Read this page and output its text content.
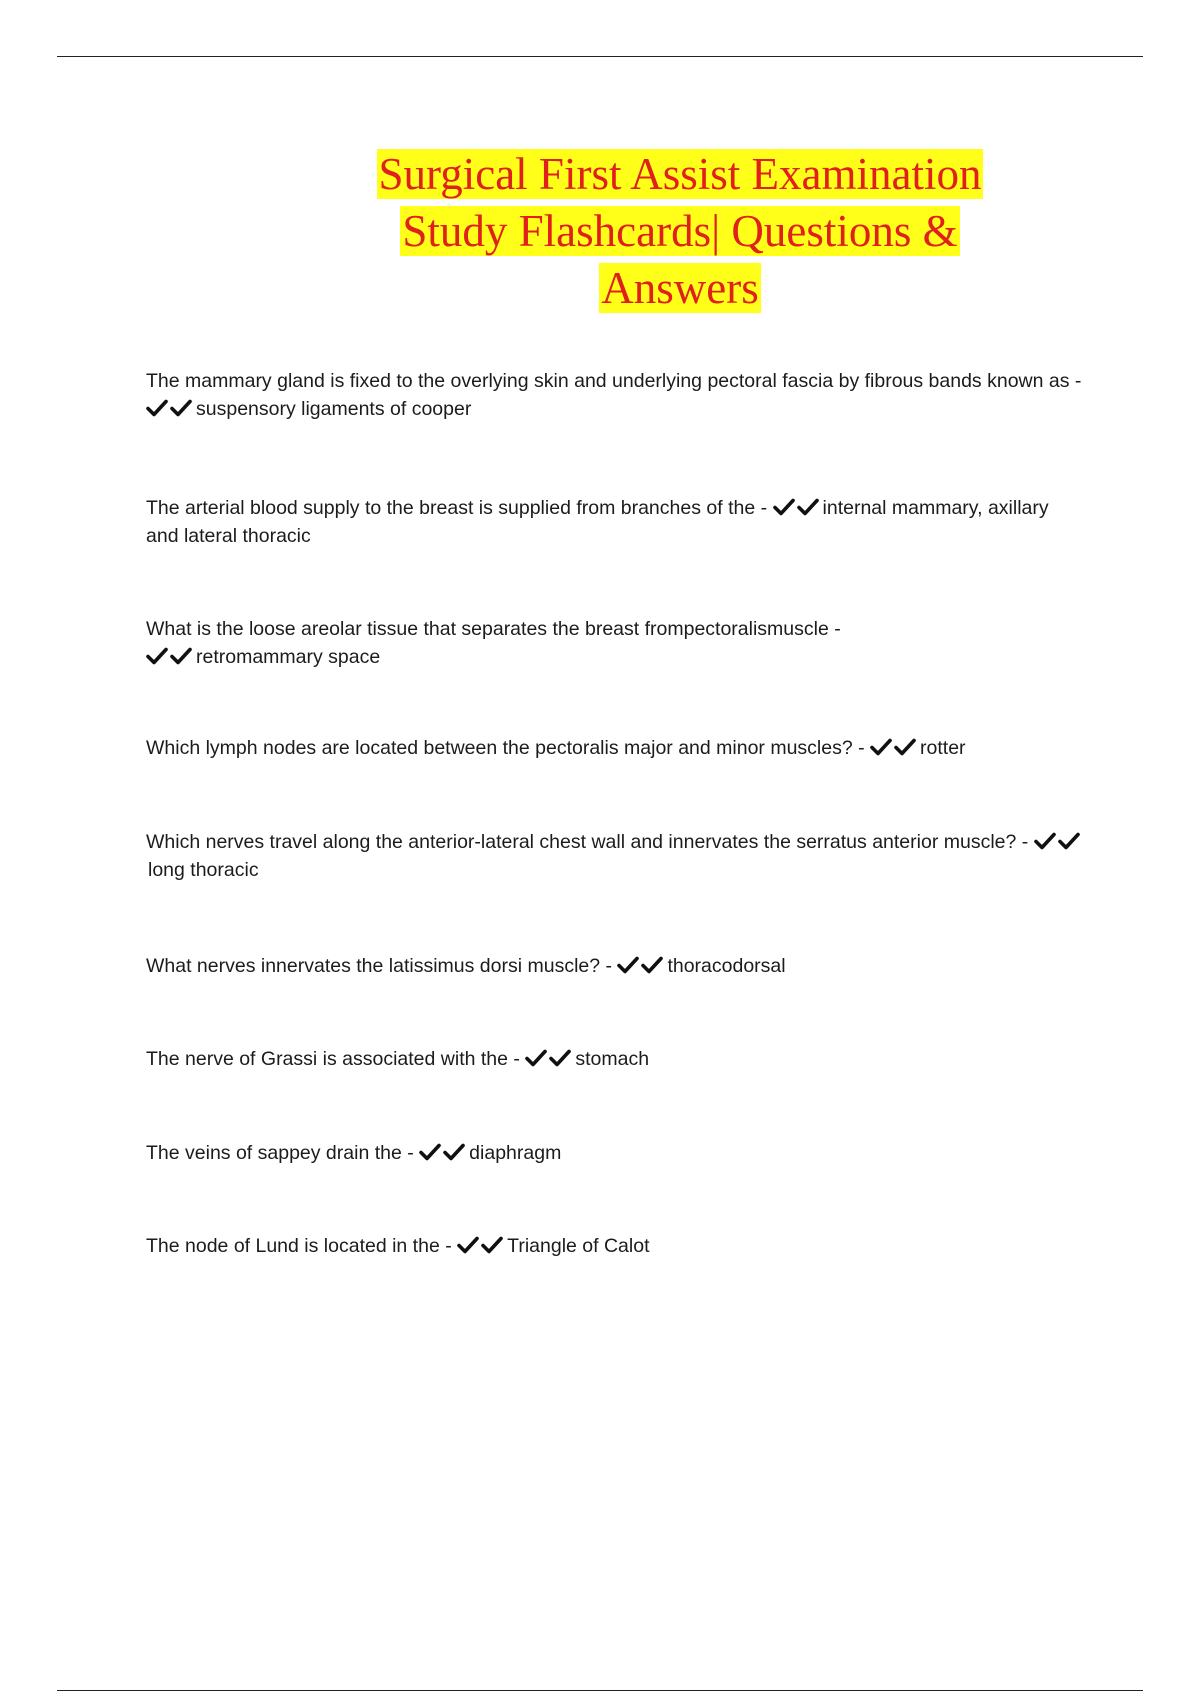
Surgical First Assist Examination
Study Flashcards| Questions &
Answers
The mammary gland is fixed to the overlying skin and underlying pectoral fascia by fibrous bands known as -
suspensory ligaments of cooper
The arterial blood supply to the breast is supplied from branches of the -	internal mammary, axillary and lateral thoracic
What is the loose areolar tissue that separates the breast frompectoralismuscle -

retromammary space
Which lymph nodes are located between the pectoralis major and minor muscles? -	rotter
Which nerves travel along the anterior-lateral chest wall and innervates the serratus anterior muscle? -
long thoracic
What nerves innervates the latissimus dorsi muscle? -	thoracodorsal
The nerve of Grassi is associated with the -	stomach
The veins of sappey drain the -	diaphragm
The node of Lund is located in the -	Triangle of Calot
